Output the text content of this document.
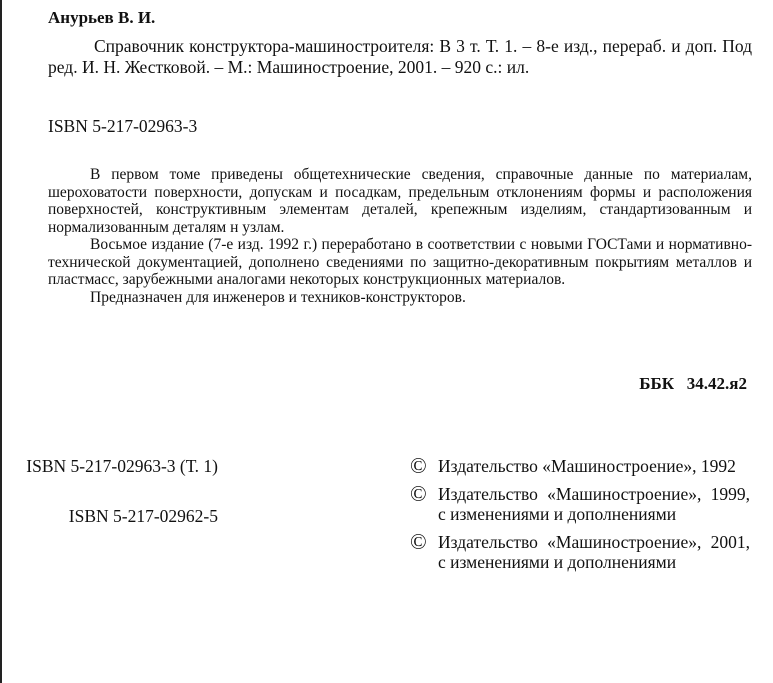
Анурьев В. И.

Справочник конструктора-машиностроителя: В 3 т. Т. 1. – 8-е изд., перераб. и доп. Под ред. И. Н. Жестковой. – М.: Машиностроение, 2001. – 920 с.: ил.

ISBN 5-217-02963-3

В первом томе приведены общетехнические сведения, справочные данные по материалам, шероховатости поверхности, допускам и посадкам, предельным отклонениям формы и расположения поверхностей, конструктивным элементам деталей, крепежным изделиям, стандартизованным и нормализованным деталям н узлам.

Восьмое издание (7-е изд. 1992 г.) переработано в соответствии с новыми ГОСТами и нормативно-технической документацией, дополнено сведениями по защитно-декоративным покрытиям металлов и пластмасс, зарубежными аналогами некоторых конструкционных материалов.

Предназначен для инженеров и техников-конструкторов.

ББК   34.42.я2

ISBN 5-217-02963-3 (Т. 1)

ISBN 5-217-02962-5

© Издательство «Машиностроение», 1992
© Издательство «Машиностроение», 1999, с изменениями и дополнениями
© Издательство «Машиностроение», 2001, с изменениями и дополнениями
